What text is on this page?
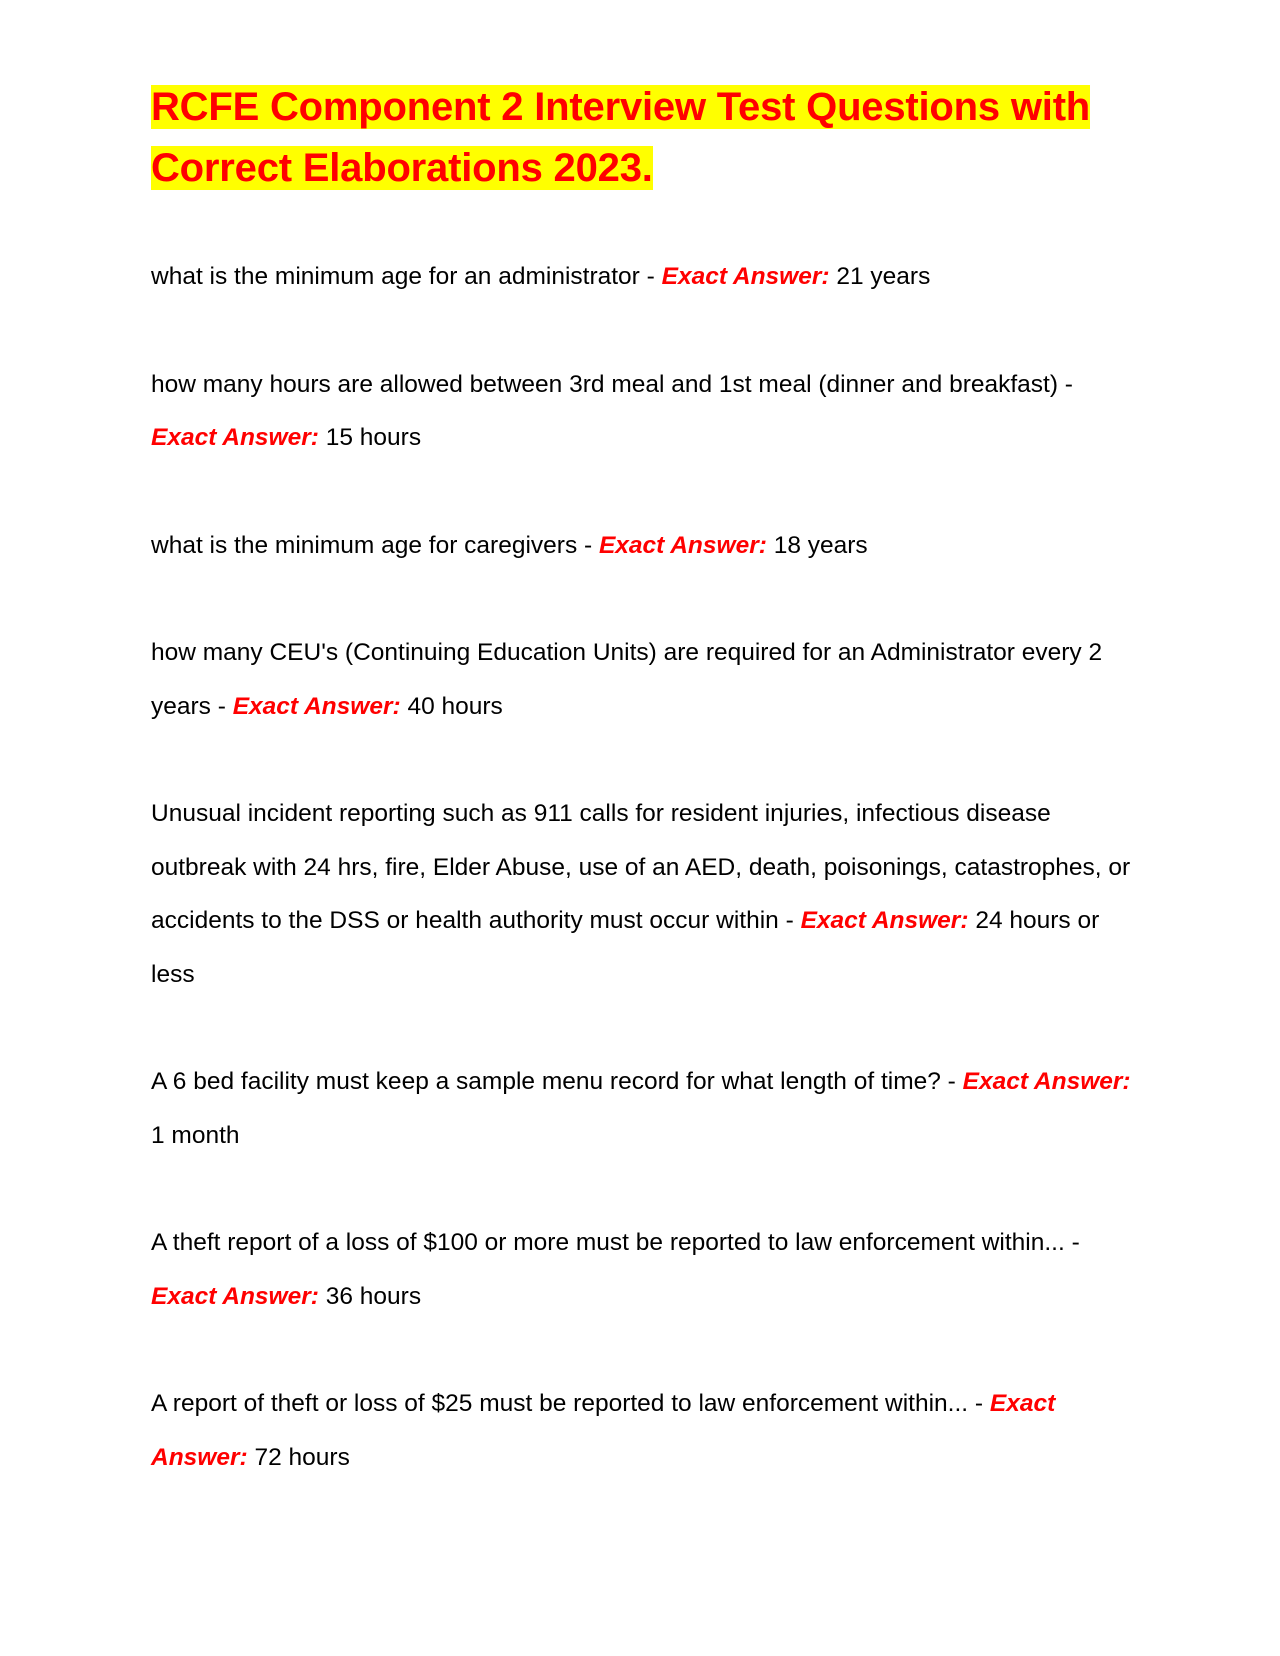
RCFE Component 2 Interview Test Questions with Correct Elaborations 2023.

what is the minimum age for an administrator - Exact Answer: 21 years

how many hours are allowed between 3rd meal and 1st meal (dinner and breakfast) - Exact Answer: 15 hours

what is the minimum age for caregivers - Exact Answer: 18 years

how many CEU's (Continuing Education Units) are required for an Administrator every 2 years - Exact Answer: 40 hours

Unusual incident reporting such as 911 calls for resident injuries, infectious disease outbreak with 24 hrs, fire, Elder Abuse, use of an AED, death, poisonings, catastrophes, or accidents to the DSS or health authority must occur within - Exact Answer: 24 hours or less

A 6 bed facility must keep a sample menu record for what length of time? - Exact Answer: 1 month

A theft report of a loss of $100 or more must be reported to law enforcement within... - Exact Answer: 36 hours

A report of theft or loss of $25 must be reported to law enforcement within... - Exact Answer: 72 hours
